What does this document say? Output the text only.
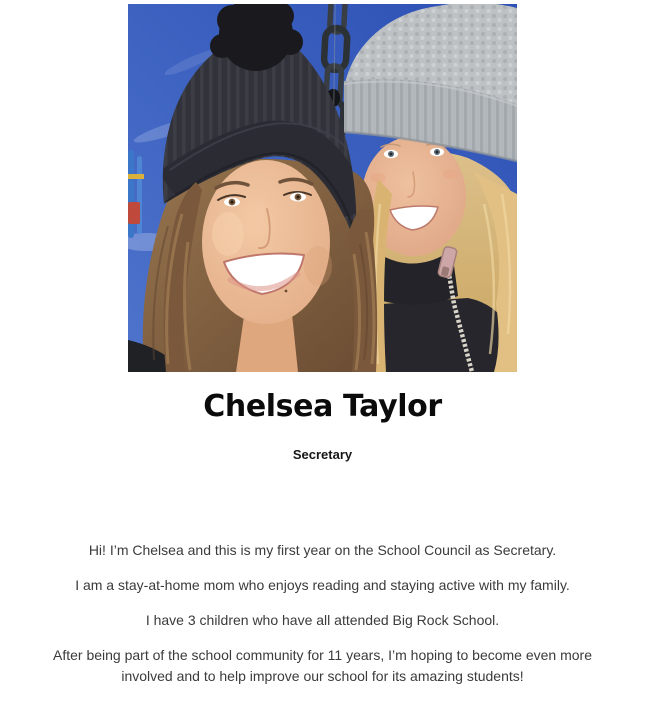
Chelsea Taylor
Secretary

Hi! I’m Chelsea and this is my first year on the School Council as Secretary.

I am a stay-at-home mom who enjoys reading and staying active with my family.

I have 3 children who have all attended Big Rock School.

After being part of the school community for 11 years, I’m hoping to become even more involved and to help improve our school for its amazing students!
